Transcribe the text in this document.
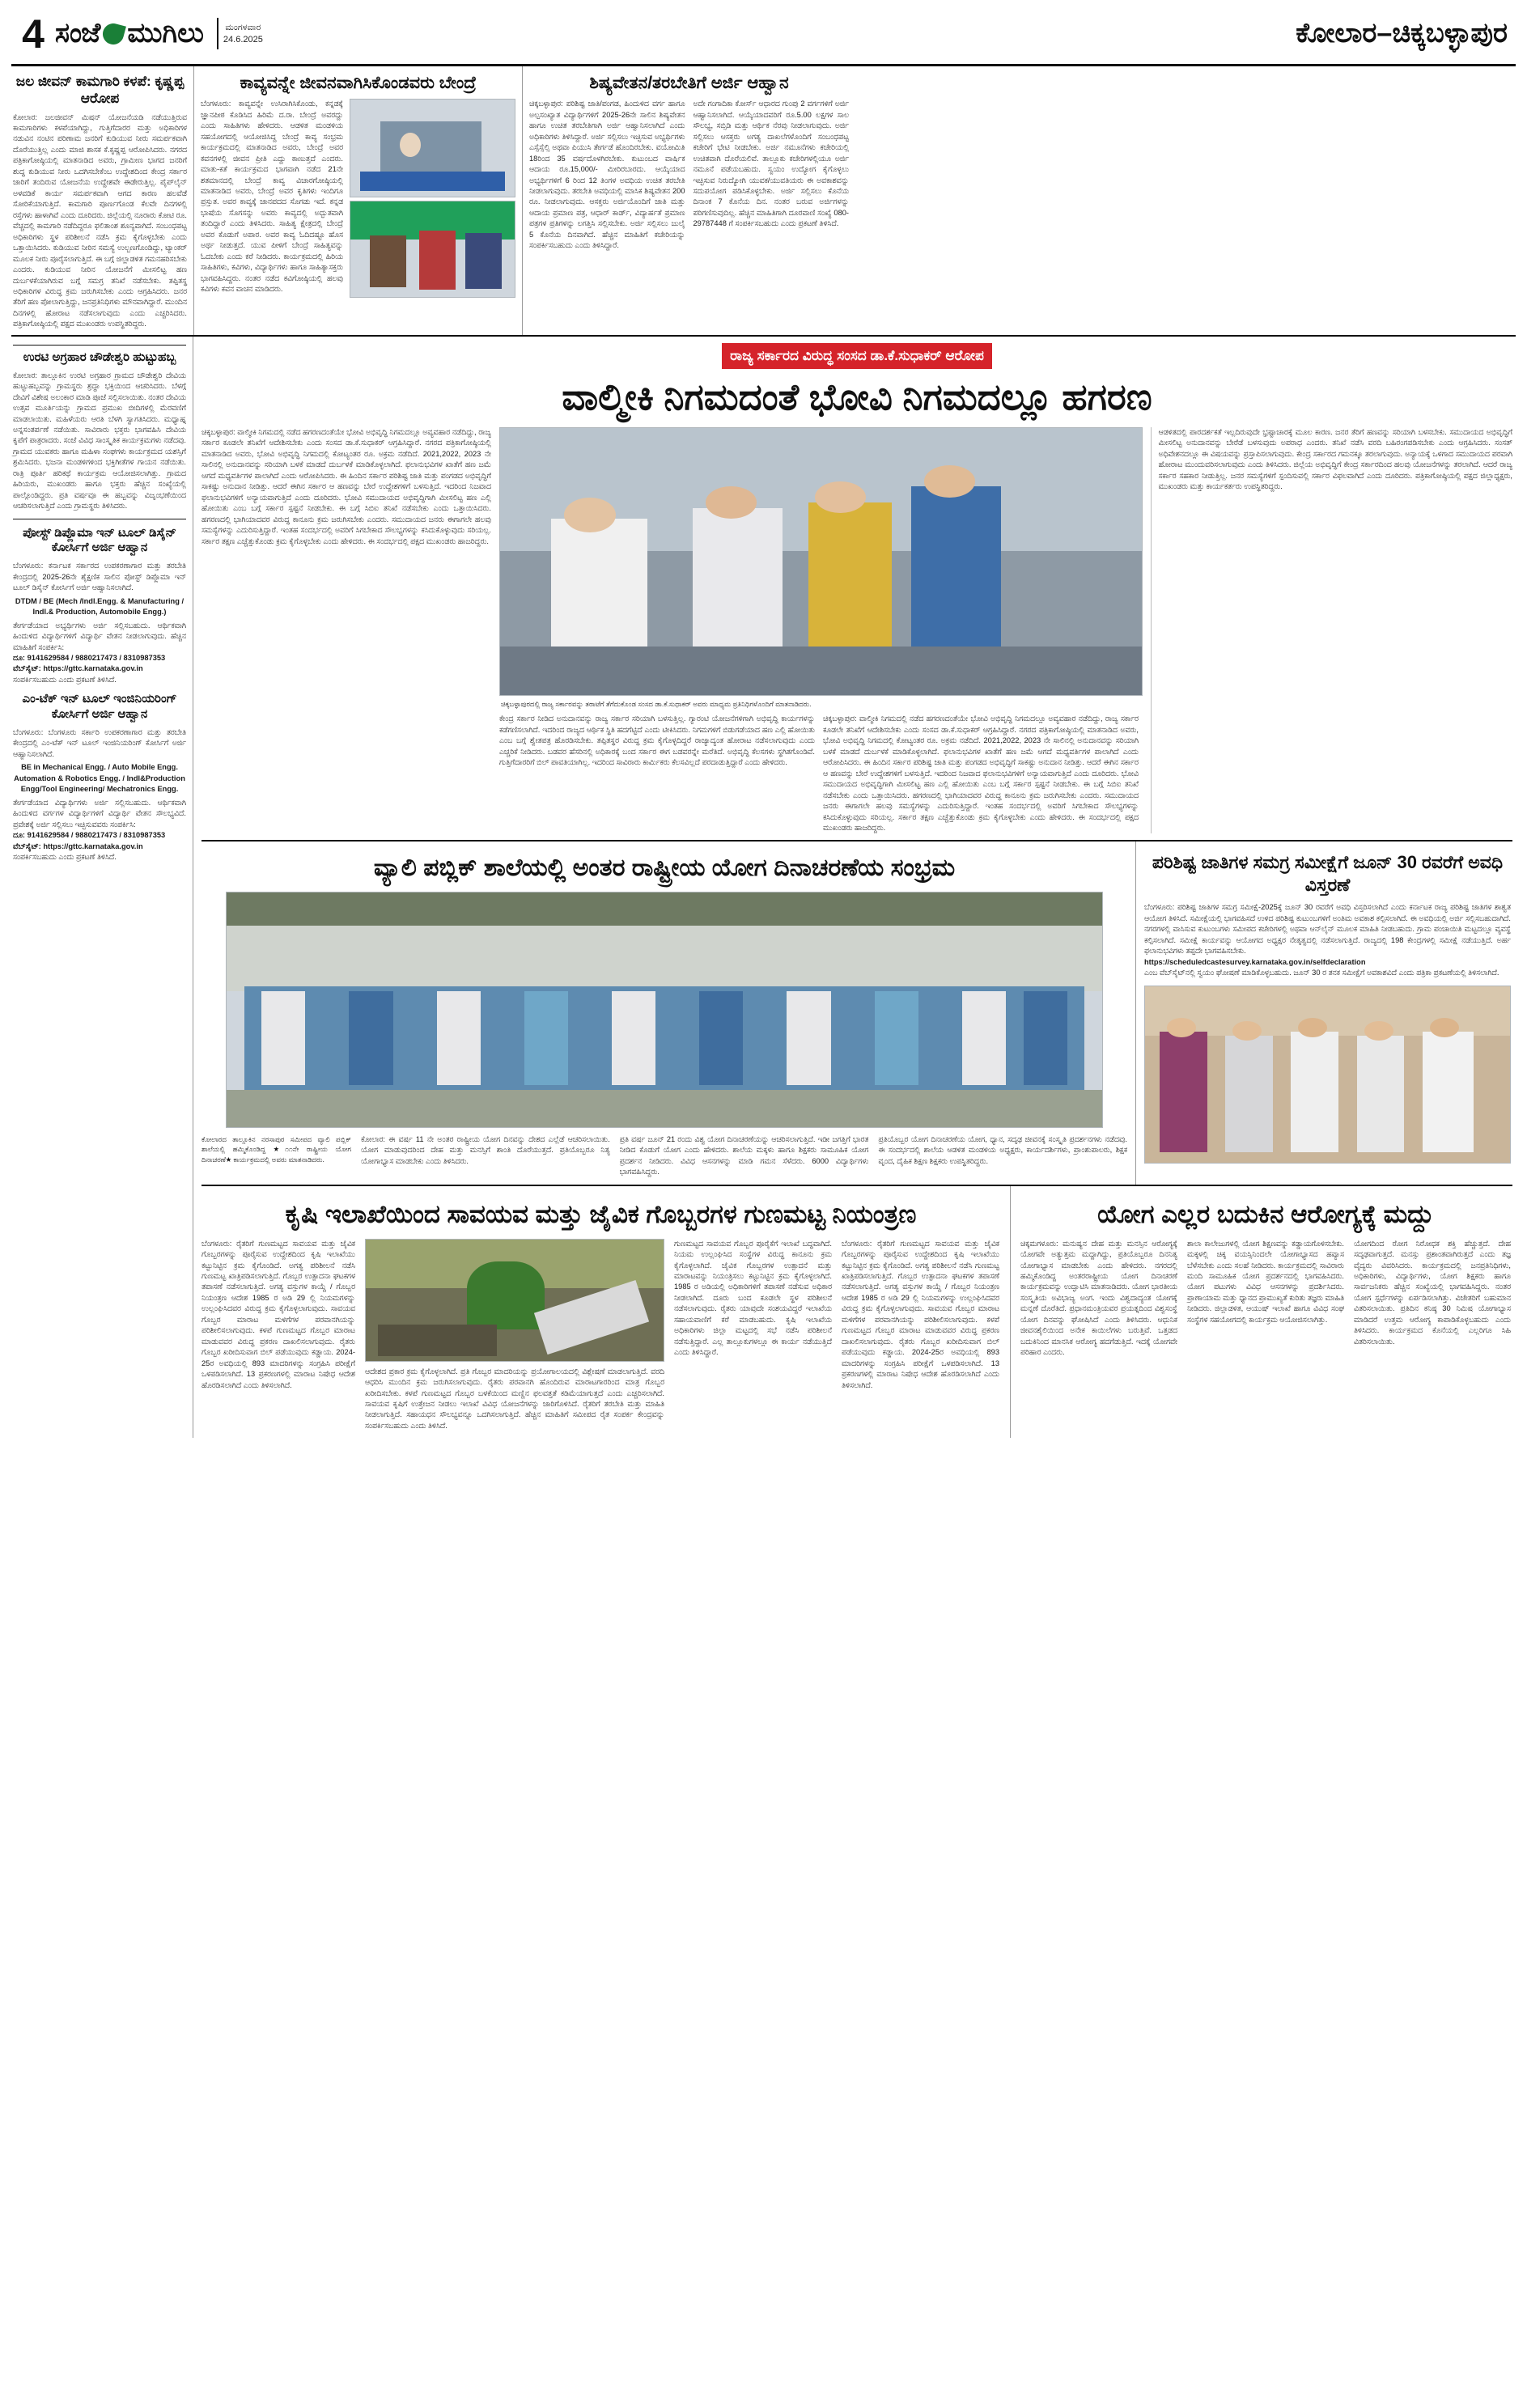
4 ಸಂಜೆ ಮುಗಿಲು ಮಂಗಳವಾರ
24.6.2025	ಕೋಲಾರ–ಚಿಕ್ಕಬಳ್ಳಾಪುರ
ಜಲ ಜೀವನ್ ಕಾಮಗಾರಿ ಕಳಪೆ: ಕೃಷ್ಣಪ್ಪ ಆರೋಪ
ಕೋಲಾರ: ಜಲಜೀವನ್ ಮಿಷನ್ ಯೋಜನೆಯಡಿ ನಡೆಯುತ್ತಿರುವ ಕಾಮಗಾರಿಗಳು ಕಳಪೆಯಾಗಿದ್ದು, ಗುತ್ತಿಗೆದಾರರ ಮತ್ತು ಅಧಿಕಾರಿಗಳ ನಡುವಿನ ನಂಟಿನ ಪರಿಣಾಮ ಜನರಿಗೆ ಕುಡಿಯುವ ನೀರು ಸಮರ್ಪಕವಾಗಿ ದೊರೆಯುತ್ತಿಲ್ಲ ಎಂದು ಮಾಜಿ ಶಾಸಕ ಕೆ.ಕೃಷ್ಣಪ್ಪ ಆರೋಪಿಸಿದರು. ನಗರದ ಪತ್ರಿಕಾಗೋಷ್ಠಿಯಲ್ಲಿ ಮಾತನಾಡಿದ ಅವರು, ಗ್ರಾಮೀಣ ಭಾಗದ ಜನರಿಗೆ ಶುದ್ಧ ಕುಡಿಯುವ ನೀರು ಒದಗಿಸಬೇಕೆಂಬ ಉದ್ದೇಶದಿಂದ ಕೇಂದ್ರ ಸರ್ಕಾರ ಜಾರಿಗೆ ತಂದಿರುವ ಯೋಜನೆಯ ಉದ್ದೇಶವೇ ಈಡೇರುತ್ತಿಲ್ಲ. ಪೈಪ್‌ಲೈನ್ ಅಳವಡಿಕೆ ಕಾರ್ಯ ಸಮರ್ಪಕವಾಗಿ ಆಗದ ಕಾರಣ ಹಲವೆಡೆ ಸೋರಿಕೆಯಾಗುತ್ತಿದೆ. ಕಾಮಗಾರಿ ಪೂರ್ಣಗೊಂಡ ಕೆಲವೇ ದಿನಗಳಲ್ಲಿ ರಸ್ತೆಗಳು ಹಾಳಾಗಿವೆ ಎಂದು ದೂರಿದರು. ಜಿಲ್ಲೆಯಲ್ಲಿ ನೂರಾರು ಕೋಟಿ ರೂ. ವೆಚ್ಚದಲ್ಲಿ ಕಾಮಗಾರಿ ನಡೆದಿದ್ದರೂ ಫಲಿತಾಂಶ ಶೂನ್ಯವಾಗಿದೆ. ಸಂಬಂಧಪಟ್ಟ ಅಧಿಕಾರಿಗಳು ಸ್ಥಳ ಪರಿಶೀಲನೆ ನಡೆಸಿ ಕ್ರಮ ಕೈಗೊಳ್ಳಬೇಕು ಎಂದು ಒತ್ತಾಯಿಸಿದರು. ಕುಡಿಯುವ ನೀರಿನ ಸಮಸ್ಯೆ ಉಲ್ಬಣಗೊಂಡಿದ್ದು, ಟ್ಯಾಂಕರ್ ಮೂಲಕ ನೀರು ಪೂರೈಸಲಾಗುತ್ತಿದೆ. ಈ ಬಗ್ಗೆ ಜಿಲ್ಲಾಡಳಿತ ಗಮನಹರಿಸಬೇಕು ಎಂದರು. ಕುಡಿಯುವ ನೀರಿನ ಯೋಜನೆಗೆ ಮೀಸಲಿಟ್ಟ ಹಣ ದುರ್ಬಳಕೆಯಾಗಿರುವ ಬಗ್ಗೆ ಸಮಗ್ರ ತನಿಖೆ ನಡೆಸಬೇಕು. ತಪ್ಪಿತಸ್ಥ ಅಧಿಕಾರಿಗಳ ವಿರುದ್ಧ ಕ್ರಮ ಜರುಗಿಸಬೇಕು ಎಂದು ಆಗ್ರಹಿಸಿದರು. ಜನರ ತೆರಿಗೆ ಹಣ ಪೋಲಾಗುತ್ತಿದ್ದು, ಜನಪ್ರತಿನಿಧಿಗಳು ಮೌನವಾಗಿದ್ದಾರೆ. ಮುಂದಿನ ದಿನಗಳಲ್ಲಿ ಹೋರಾಟ ನಡೆಸಲಾಗುವುದು ಎಂದು ಎಚ್ಚರಿಸಿದರು. ಪತ್ರಿಕಾಗೋಷ್ಠಿಯಲ್ಲಿ ಪಕ್ಷದ ಮುಖಂಡರು ಉಪಸ್ಥಿತರಿದ್ದರು.
ಕಾವ್ಯವನ್ನೇ ಜೀವನವಾಗಿಸಿಕೊಂಡವರು ಬೇಂದ್ರೆ
ಬೆಂಗಳೂರು: ಕಾವ್ಯವನ್ನೇ ಉಸಿರಾಗಿಸಿಕೊಂಡು, ಕನ್ನಡಕ್ಕೆ ಜ್ಞಾನಪೀಠ ಕೊಡಿಸಿದ ಹಿರಿಮೆ ದ.ರಾ. ಬೇಂದ್ರೆ ಅವರದ್ದು ಎಂದು ಸಾಹಿತಿಗಳು ಹೇಳಿದರು. ಆಡಳಿತ ಮಂಡಳಿಯ ಸಹಯೋಗದಲ್ಲಿ ಆಯೋಜಿಸಿದ್ದ ಬೇಂದ್ರೆ ಕಾವ್ಯ ಸಂಭ್ರಮ ಕಾರ್ಯಕ್ರಮದಲ್ಲಿ ಮಾತನಾಡಿದ ಅವರು, ಬೇಂದ್ರೆ ಅವರ ಕವನಗಳಲ್ಲಿ ಜೀವನ ಪ್ರೀತಿ ಎದ್ದು ಕಾಣುತ್ತದೆ ಎಂದರು. ಮಾತು-ಕತೆ ಕಾರ್ಯಕ್ರಮದ ಭಾಗವಾಗಿ ನಡೆದ 21ನೇ ಶತಮಾನದಲ್ಲಿ ಬೇಂದ್ರೆ ಕಾವ್ಯ ವಿಚಾರಗೋಷ್ಠಿಯಲ್ಲಿ ಮಾತನಾಡಿದ ಅವರು, ಬೇಂದ್ರೆ ಅವರ ಕೃತಿಗಳು ಇಂದಿಗೂ ಪ್ರಸ್ತುತ. ಅವರ ಕಾವ್ಯಕ್ಕೆ ಜಾನಪದದ ಸೊಗಡು ಇದೆ. ಕನ್ನಡ ಭಾಷೆಯ ಸೊಗಸನ್ನು ಅವರು ಕಾವ್ಯದಲ್ಲಿ ಅದ್ಭುತವಾಗಿ ತಂದಿದ್ದಾರೆ ಎಂದು ತಿಳಿಸಿದರು. ಸಾಹಿತ್ಯ ಕ್ಷೇತ್ರದಲ್ಲಿ ಬೇಂದ್ರೆ ಅವರ ಕೊಡುಗೆ ಅಪಾರ. ಅವರ ಕಾವ್ಯ ಓದಿದಷ್ಟೂ ಹೊಸ ಅರ್ಥ ನೀಡುತ್ತದೆ. ಯುವ ಪೀಳಿಗೆ ಬೇಂದ್ರೆ ಸಾಹಿತ್ಯವನ್ನು ಓದಬೇಕು ಎಂದು ಕರೆ ನೀಡಿದರು. ಕಾರ್ಯಕ್ರಮದಲ್ಲಿ ಹಿರಿಯ ಸಾಹಿತಿಗಳು, ಕವಿಗಳು, ವಿದ್ಯಾರ್ಥಿಗಳು ಹಾಗೂ ಸಾಹಿತ್ಯಾಸಕ್ತರು ಭಾಗವಹಿಸಿದ್ದರು. ನಂತರ ನಡೆದ ಕವಿಗೋಷ್ಠಿಯಲ್ಲಿ ಹಲವು ಕವಿಗಳು ಕವನ ವಾಚನ ಮಾಡಿದರು.
ಶಿಷ್ಯವೇತನ/ತರಬೇತಿಗೆ ಅರ್ಜಿ ಆಹ್ವಾನ
ಚಿಕ್ಕಬಳ್ಳಾಪುರ: ಪರಿಶಿಷ್ಟ ಜಾತಿ/ಪಂಗಡ, ಹಿಂದುಳಿದ ವರ್ಗ ಹಾಗೂ ಅಲ್ಪಸಂಖ್ಯಾತ ವಿದ್ಯಾರ್ಥಿಗಳಿಗೆ 2025-26ನೇ ಸಾಲಿನ ಶಿಷ್ಯವೇತನ ಹಾಗೂ ಉಚಿತ ತರಬೇತಿಗಾಗಿ ಅರ್ಜಿ ಆಹ್ವಾನಿಸಲಾಗಿದೆ ಎಂದು ಅಧಿಕಾರಿಗಳು ತಿಳಿಸಿದ್ದಾರೆ. ಅರ್ಜಿ ಸಲ್ಲಿಸಲು ಇಚ್ಛಿಸುವ ಅಭ್ಯರ್ಥಿಗಳು ಎಸ್ಸೆಸ್ಸೆಲ್ಸಿ ಅಥವಾ ಪಿಯುಸಿ ತೇರ್ಗಡೆ ಹೊಂದಿರಬೇಕು. ವಯೋಮಿತಿ 18ರಿಂದ 35 ವರ್ಷದೊಳಗಿರಬೇಕು. ಕುಟುಂಬದ ವಾರ್ಷಿಕ ಆದಾಯ ರೂ.15,000/- ಮೀರಿರಬಾರದು. ಆಯ್ಕೆಯಾದ ಅಭ್ಯರ್ಥಿಗಳಿಗೆ 6 ರಿಂದ 12 ತಿಂಗಳ ಅವಧಿಯ ಉಚಿತ ತರಬೇತಿ ನೀಡಲಾಗುವುದು. ತರಬೇತಿ ಅವಧಿಯಲ್ಲಿ ಮಾಸಿಕ ಶಿಷ್ಯವೇತನ 200 ರೂ. ನೀಡಲಾಗುವುದು. ಆಸಕ್ತರು ಅರ್ಜಿಯೊಂದಿಗೆ ಜಾತಿ ಮತ್ತು ಆದಾಯ ಪ್ರಮಾಣ ಪತ್ರ, ಆಧಾರ್ ಕಾರ್ಡ್, ವಿದ್ಯಾರ್ಹತೆ ಪ್ರಮಾಣ ಪತ್ರಗಳ ಪ್ರತಿಗಳನ್ನು ಲಗತ್ತಿಸಿ ಸಲ್ಲಿಸಬೇಕು. ಅರ್ಜಿ ಸಲ್ಲಿಸಲು ಜುಲೈ 5 ಕೊನೆಯ ದಿನವಾಗಿದೆ. ಹೆಚ್ಚಿನ ಮಾಹಿತಿಗೆ ಕಚೇರಿಯನ್ನು ಸಂಪರ್ಕಿಸಬಹುದು ಎಂದು ತಿಳಿಸಿದ್ದಾರೆ.
ಅದೇ ಗಂಗಾದಿಕಾ ಕೋರ್ಸ್ ಆಧಾರದ ಗುಂಪು 2 ವರ್ಗಗಳಿಗೆ ಅರ್ಜಿ ಆಹ್ವಾನಿಸಲಾಗಿದೆ. ಆಯ್ಕೆಯಾದವರಿಗೆ ರೂ.5.00 ಲಕ್ಷಗಳ ಸಾಲ ಸೌಲಭ್ಯ, ಸಬ್ಸಿಡಿ ಮತ್ತು ಆರ್ಥಿಕ ನೆರವು ನೀಡಲಾಗುವುದು. ಅರ್ಜಿ ಸಲ್ಲಿಸಲು ಆಸಕ್ತರು ಅಗತ್ಯ ದಾಖಲೆಗಳೊಂದಿಗೆ ಸಂಬಂಧಪಟ್ಟ ಕಚೇರಿಗೆ ಭೇಟಿ ನೀಡಬೇಕು. ಅರ್ಜಿ ನಮೂನೆಗಳು ಕಚೇರಿಯಲ್ಲಿ ಉಚಿತವಾಗಿ ದೊರೆಯಲಿವೆ. ತಾಲ್ಲೂಕು ಕಚೇರಿಗಳಲ್ಲಿಯೂ ಅರ್ಜಿ ನಮೂನೆ ಪಡೆಯಬಹುದು. ಸ್ವಯಂ ಉದ್ಯೋಗ ಕೈಗೊಳ್ಳಲು ಇಚ್ಛಿಸುವ ನಿರುದ್ಯೋಗಿ ಯುವಕ/ಯುವತಿಯರು ಈ ಅವಕಾಶವನ್ನು ಸದುಪಯೋಗ ಪಡಿಸಿಕೊಳ್ಳಬೇಕು. ಅರ್ಜಿ ಸಲ್ಲಿಸಲು ಕೊನೆಯ ದಿನಾಂಕ 7 ಕೊನೆಯ ದಿನ. ನಂತರ ಬರುವ ಅರ್ಜಿಗಳನ್ನು ಪರಿಗಣಿಸುವುದಿಲ್ಲ. ಹೆಚ್ಚಿನ ಮಾಹಿತಿಗಾಗಿ ದೂರವಾಣಿ ಸಂಖ್ಯೆ 080-29787448 ಗೆ ಸಂಪರ್ಕಿಸಬಹುದು ಎಂದು ಪ್ರಕಟಣೆ ತಿಳಿಸಿದೆ.
ಉರಟಿ ಅಗ್ರಹಾರ ಚೌಡೇಶ್ವರಿ ಹುಟ್ಟುಹಬ್ಬ
ಕೋಲಾರ: ತಾಲ್ಲೂಕಿನ ಉರಟಿ ಅಗ್ರಹಾರ ಗ್ರಾಮದ ಚೌಡೇಶ್ವರಿ ದೇವಿಯ ಹುಟ್ಟುಹಬ್ಬವನ್ನು ಗ್ರಾಮಸ್ಥರು ಶ್ರದ್ಧಾ ಭಕ್ತಿಯಿಂದ ಆಚರಿಸಿದರು. ಬೆಳಗ್ಗೆ ದೇವಿಗೆ ವಿಶೇಷ ಅಲಂಕಾರ ಮಾಡಿ ಪೂಜೆ ಸಲ್ಲಿಸಲಾಯಿತು. ನಂತರ ದೇವಿಯ ಉತ್ಸವ ಮೂರ್ತಿಯನ್ನು ಗ್ರಾಮದ ಪ್ರಮುಖ ಬೀದಿಗಳಲ್ಲಿ ಮೆರವಣಿಗೆ ಮಾಡಲಾಯಿತು. ಮಹಿಳೆಯರು ಆರತಿ ಬೆಳಗಿ ಸ್ವಾಗತಿಸಿದರು. ಮಧ್ಯಾಹ್ನ ಅನ್ನಸಂತರ್ಪಣೆ ನಡೆಯಿತು. ಸಾವಿರಾರು ಭಕ್ತರು ಭಾಗವಹಿಸಿ ದೇವಿಯ ಕೃಪೆಗೆ ಪಾತ್ರರಾದರು. ಸಂಜೆ ವಿವಿಧ ಸಾಂಸ್ಕೃತಿಕ ಕಾರ್ಯಕ್ರಮಗಳು ನಡೆದವು. ಗ್ರಾಮದ ಯುವಕರು ಹಾಗೂ ಮಹಿಳಾ ಸಂಘಗಳು ಕಾರ್ಯಕ್ರಮದ ಯಶಸ್ಸಿಗೆ ಶ್ರಮಿಸಿದರು. ಭಜನಾ ಮಂಡಳಿಗಳಿಂದ ಭಕ್ತಿಗೀತೆಗಳ ಗಾಯನ ನಡೆಯಿತು. ರಾತ್ರಿ ಪೂರ್ತಿ ಹರಿಕಥೆ ಕಾರ್ಯಕ್ರಮ ಆಯೋಜಿಸಲಾಗಿತ್ತು. ಗ್ರಾಮದ ಹಿರಿಯರು, ಮುಖಂಡರು ಹಾಗೂ ಭಕ್ತರು ಹೆಚ್ಚಿನ ಸಂಖ್ಯೆಯಲ್ಲಿ ಪಾಲ್ಗೊಂಡಿದ್ದರು. ಪ್ರತಿ ವರ್ಷವೂ ಈ ಹಬ್ಬವನ್ನು ವಿಜೃಂಭಣೆಯಿಂದ ಆಚರಿಸಲಾಗುತ್ತಿದೆ ಎಂದು ಗ್ರಾಮಸ್ಥರು ತಿಳಿಸಿದರು.
ಪೋಸ್ಟ್ ಡಿಪ್ಲೊಮಾ ಇನ್ ಟೂಲ್ ಡಿಸೈನ್ ಕೋರ್ಸಿಗೆ ಅರ್ಜಿ ಆಹ್ವಾನ
ಬೆಂಗಳೂರು: ಕರ್ನಾಟಕ ಸರ್ಕಾರದ ಉಪಕರಣಾಗಾರ ಮತ್ತು ತರಬೇತಿ ಕೇಂದ್ರದಲ್ಲಿ 2025-26ನೇ ಶೈಕ್ಷಣಿಕ ಸಾಲಿನ ಪೋಸ್ಟ್ ಡಿಪ್ಲೊಮಾ ಇನ್ ಟೂಲ್ ಡಿಸೈನ್ ಕೋರ್ಸಿಗೆ ಅರ್ಜಿ ಆಹ್ವಾನಿಸಲಾಗಿದೆ.
DTDM / BE (Mech /Indl.Engg. & Manufacturing / Indl.& Production, Automobile Engg.)
ತೇರ್ಗಡೆಯಾದ ಅಭ್ಯರ್ಥಿಗಳು ಅರ್ಜಿ ಸಲ್ಲಿಸಬಹುದು. ಆರ್ಥಿಕವಾಗಿ ಹಿಂದುಳಿದ ವಿದ್ಯಾರ್ಥಿಗಳಿಗೆ ವಿದ್ಯಾರ್ಥಿ ವೇತನ ನೀಡಲಾಗುವುದು. ಹೆಚ್ಚಿನ ಮಾಹಿತಿಗೆ ಸಂಪರ್ಕಿಸಿ:
ದೂ: 9141629584 / 9880217473 / 8310987353
ವೆಬ್‌ಸೈಟ್: https://gttc.karnataka.gov.in‍
ಸಂಪರ್ಕಿಸಬಹುದು ಎಂದು ಪ್ರಕಟಣೆ ತಿಳಿಸಿದೆ.
ಎಂ-ಟೆಕ್ ಇನ್ ಟೂಲ್ ಇಂಜಿನಿಯರಿಂಗ್ ಕೋರ್ಸಿಗೆ ಅರ್ಜಿ ಆಹ್ವಾನ
ಬೆಂಗಳೂರು: ಬೆಂಗಳೂರು ಸರ್ಕಾರಿ ಉಪಕರಣಾಗಾರ ಮತ್ತು ತರಬೇತಿ ಕೇಂದ್ರದಲ್ಲಿ ಎಂ-ಟೆಕ್ ಇನ್ ಟೂಲ್ ಇಂಜಿನಿಯರಿಂಗ್ ಕೋರ್ಸಿಗೆ ಅರ್ಜಿ ಆಹ್ವಾನಿಸಲಾಗಿದೆ.
BE in Mechanical Engg. / Auto Mobile Engg. Automation & Robotics Engg. / Indl&Production Engg/Tool Engineering/ Mechatronics Engg.
ತೇರ್ಗಡೆಯಾದ ವಿದ್ಯಾರ್ಥಿಗಳು ಅರ್ಜಿ ಸಲ್ಲಿಸಬಹುದು. ಆರ್ಥಿಕವಾಗಿ ಹಿಂದುಳಿದ ವರ್ಗಗಳ ವಿದ್ಯಾರ್ಥಿಗಳಿಗೆ ವಿದ್ಯಾರ್ಥಿ ವೇತನ ಸೌಲಭ್ಯವಿದೆ. ಪ್ರವೇಶಕ್ಕೆ ಅರ್ಜಿ ಸಲ್ಲಿಸಲು ಇಚ್ಛಿಸುವವರು ಸಂಪರ್ಕಿಸಿ:
ದೂ: 9141629584 / 9880217473 / 8310987353
ವೆಬ್‌ಸೈಟ್: https://gttc.karnataka.gov.in
ಸಂಪರ್ಕಿಸಬಹುದು ಎಂದು ಪ್ರಕಟಣೆ ತಿಳಿಸಿದೆ.
ರಾಜ್ಯ ಸರ್ಕಾರದ ವಿರುದ್ಧ ಸಂಸದ ಡಾ.ಕೆ.ಸುಧಾಕರ್ ಆರೋಪ
ವಾಲ್ಮೀಕಿ ನಿಗಮದಂತೆ ಭೋವಿ ನಿಗಮದಲ್ಲೂ ಹಗರಣ
ಚಿಕ್ಕಬಳ್ಳಾಪುರ: ವಾಲ್ಮೀಕಿ ನಿಗಮದಲ್ಲಿ ನಡೆದ ಹಗರಣದಂತೆಯೇ ಭೋವಿ ಅಭಿವೃದ್ಧಿ ನಿಗಮದಲ್ಲೂ ಅವ್ಯವಹಾರ ನಡೆದಿದ್ದು, ರಾಜ್ಯ ಸರ್ಕಾರ ಕೂಡಲೇ ತನಿಖೆಗೆ ಆದೇಶಿಸಬೇಕು ಎಂದು ಸಂಸದ ಡಾ.ಕೆ.ಸುಧಾಕರ್ ಆಗ್ರಹಿಸಿದ್ದಾರೆ. ನಗರದ ಪತ್ರಿಕಾಗೋಷ್ಠಿಯಲ್ಲಿ ಮಾತನಾಡಿದ ಅವರು, ಭೋವಿ ಅಭಿವೃದ್ಧಿ ನಿಗಮದಲ್ಲಿ ಕೋಟ್ಯಂತರ ರೂ. ಅಕ್ರಮ ನಡೆದಿದೆ. 2021,2022, 2023 ನೇ ಸಾಲಿನಲ್ಲಿ ಅನುದಾನವನ್ನು ಸರಿಯಾಗಿ ಬಳಕೆ ಮಾಡದೆ ದುರ್ಬಳಕೆ ಮಾಡಿಕೊಳ್ಳಲಾಗಿದೆ. ಫಲಾನುಭವಿಗಳ ಖಾತೆಗೆ ಹಣ ಜಮೆ ಆಗದೆ ಮಧ್ಯವರ್ತಿಗಳ ಪಾಲಾಗಿದೆ ಎಂದು ಆರೋಪಿಸಿದರು. ಈ ಹಿಂದಿನ ಸರ್ಕಾರ ಪರಿಶಿಷ್ಟ ಜಾತಿ ಮತ್ತು ಪಂಗಡದ ಅಭಿವೃದ್ಧಿಗೆ ಸಾಕಷ್ಟು ಅನುದಾನ ನೀಡಿತ್ತು. ಆದರೆ ಈಗಿನ ಸರ್ಕಾರ ಆ ಹಣವನ್ನು ಬೇರೆ ಉದ್ದೇಶಗಳಿಗೆ ಬಳಸುತ್ತಿದೆ. ಇದರಿಂದ ನಿಜವಾದ ಫಲಾನುಭವಿಗಳಿಗೆ ಅನ್ಯಾಯವಾಗುತ್ತಿದೆ ಎಂದು ದೂರಿದರು. ಭೋವಿ ಸಮುದಾಯದ ಅಭಿವೃದ್ಧಿಗಾಗಿ ಮೀಸಲಿಟ್ಟ ಹಣ ಎಲ್ಲಿ ಹೋಯಿತು ಎಂಬ ಬಗ್ಗೆ ಸರ್ಕಾರ ಸ್ಪಷ್ಟನೆ ನೀಡಬೇಕು. ಈ ಬಗ್ಗೆ ಸಿಬಿಐ ತನಿಖೆ ನಡೆಸಬೇಕು ಎಂದು ಒತ್ತಾಯಿಸಿದರು. ಹಗರಣದಲ್ಲಿ ಭಾಗಿಯಾದವರ ವಿರುದ್ಧ ಕಾನೂನು ಕ್ರಮ ಜರುಗಿಸಬೇಕು ಎಂದರು. ಸಮುದಾಯದ ಜನರು ಈಗಾಗಲೇ ಹಲವು ಸಮಸ್ಯೆಗಳನ್ನು ಎದುರಿಸುತ್ತಿದ್ದಾರೆ. ಇಂತಹ ಸಂದರ್ಭದಲ್ಲಿ ಅವರಿಗೆ ಸಿಗಬೇಕಾದ ಸೌಲಭ್ಯಗಳನ್ನು ಕಸಿದುಕೊಳ್ಳುವುದು ಸರಿಯಲ್ಲ. ಸರ್ಕಾರ ತಕ್ಷಣ ಎಚ್ಚೆತ್ತುಕೊಂಡು ಕ್ರಮ ಕೈಗೊಳ್ಳಬೇಕು ಎಂದು ಹೇಳಿದರು. ಈ ಸಂದರ್ಭದಲ್ಲಿ ಪಕ್ಷದ ಮುಖಂಡರು ಹಾಜರಿದ್ದರು.
ಚಿಕ್ಕಬಳ್ಳಾಪುರದಲ್ಲಿ ರಾಜ್ಯ ಸರ್ಕಾರವನ್ನು ತರಾಟೆಗೆ ತೆಗೆದುಕೊಂಡ ಸಂಸದ ಡಾ.ಕೆ.ಸುಧಾಕರ್ ಅವರು ಮಾಧ್ಯಮ ಪ್ರತಿನಿಧಿಗಳೊಂದಿಗೆ ಮಾತನಾಡಿದರು.
ಕೇಂದ್ರ ಸರ್ಕಾರ ನೀಡಿದ ಅನುದಾನವನ್ನು ರಾಜ್ಯ ಸರ್ಕಾರ ಸರಿಯಾಗಿ ಬಳಸುತ್ತಿಲ್ಲ. ಗ್ಯಾರಂಟಿ ಯೋಜನೆಗಳಿಗಾಗಿ ಅಭಿವೃದ್ಧಿ ಕಾರ್ಯಗಳನ್ನು ಕಡೆಗಣಿಸಲಾಗಿದೆ. ಇದರಿಂದ ರಾಜ್ಯದ ಆರ್ಥಿಕ ಸ್ಥಿತಿ ಹದಗೆಟ್ಟಿದೆ ಎಂದು ಟೀಕಿಸಿದರು. ನಿಗಮಗಳಿಗೆ ಬಿಡುಗಡೆಯಾದ ಹಣ ಎಲ್ಲಿ ಹೋಯಿತು ಎಂಬ ಬಗ್ಗೆ ಶ್ವೇತಪತ್ರ ಹೊರಡಿಸಬೇಕು. ತಪ್ಪಿತಸ್ಥರ ವಿರುದ್ಧ ಕ್ರಮ ಕೈಗೊಳ್ಳದಿದ್ದರೆ ರಾಜ್ಯಾದ್ಯಂತ ಹೋರಾಟ ನಡೆಸಲಾಗುವುದು ಎಂದು ಎಚ್ಚರಿಕೆ ನೀಡಿದರು. ಬಡವರ ಹೆಸರಿನಲ್ಲಿ ಅಧಿಕಾರಕ್ಕೆ ಬಂದ ಸರ್ಕಾರ ಈಗ ಬಡವರನ್ನೇ ಮರೆತಿದೆ. ಅಭಿವೃದ್ಧಿ ಕೆಲಸಗಳು ಸ್ಥಗಿತಗೊಂಡಿವೆ. ಗುತ್ತಿಗೆದಾರರಿಗೆ ಬಿಲ್ ಪಾವತಿಯಾಗಿಲ್ಲ. ಇದರಿಂದ ಸಾವಿರಾರು ಕಾರ್ಮಿಕರು ಕೆಲಸವಿಲ್ಲದೆ ಪರದಾಡುತ್ತಿದ್ದಾರೆ ಎಂದು ಹೇಳಿದರು.
ಚಿಕ್ಕಬಳ್ಳಾಪುರ: ವಾಲ್ಮೀಕಿ ನಿಗಮದಲ್ಲಿ ನಡೆದ ಹಗರಣದಂತೆಯೇ ಭೋವಿ ಅಭಿವೃದ್ಧಿ ನಿಗಮದಲ್ಲೂ ಅವ್ಯವಹಾರ ನಡೆದಿದ್ದು, ರಾಜ್ಯ ಸರ್ಕಾರ ಕೂಡಲೇ ತನಿಖೆಗೆ ಆದೇಶಿಸಬೇಕು ಎಂದು ಸಂಸದ ಡಾ.ಕೆ.ಸುಧಾಕರ್ ಆಗ್ರಹಿಸಿದ್ದಾರೆ. ನಗರದ ಪತ್ರಿಕಾಗೋಷ್ಠಿಯಲ್ಲಿ ಮಾತನಾಡಿದ ಅವರು, ಭೋವಿ ಅಭಿವೃದ್ಧಿ ನಿಗಮದಲ್ಲಿ ಕೋಟ್ಯಂತರ ರೂ. ಅಕ್ರಮ ನಡೆದಿದೆ. 2021,2022, 2023 ನೇ ಸಾಲಿನಲ್ಲಿ ಅನುದಾನವನ್ನು ಸರಿಯಾಗಿ ಬಳಕೆ ಮಾಡದೆ ದುರ್ಬಳಕೆ ಮಾಡಿಕೊಳ್ಳಲಾಗಿದೆ. ಫಲಾನುಭವಿಗಳ ಖಾತೆಗೆ ಹಣ ಜಮೆ ಆಗದೆ ಮಧ್ಯವರ್ತಿಗಳ ಪಾಲಾಗಿದೆ ಎಂದು ಆರೋಪಿಸಿದರು. ಈ ಹಿಂದಿನ ಸರ್ಕಾರ ಪರಿಶಿಷ್ಟ ಜಾತಿ ಮತ್ತು ಪಂಗಡದ ಅಭಿವೃದ್ಧಿಗೆ ಸಾಕಷ್ಟು ಅನುದಾನ ನೀಡಿತ್ತು. ಆದರೆ ಈಗಿನ ಸರ್ಕಾರ ಆ ಹಣವನ್ನು ಬೇರೆ ಉದ್ದೇಶಗಳಿಗೆ ಬಳಸುತ್ತಿದೆ. ಇದರಿಂದ ನಿಜವಾದ ಫಲಾನುಭವಿಗಳಿಗೆ ಅನ್ಯಾಯವಾಗುತ್ತಿದೆ ಎಂದು ದೂರಿದರು. ಭೋವಿ ಸಮುದಾಯದ ಅಭಿವೃದ್ಧಿಗಾಗಿ ಮೀಸಲಿಟ್ಟ ಹಣ ಎಲ್ಲಿ ಹೋಯಿತು ಎಂಬ ಬಗ್ಗೆ ಸರ್ಕಾರ ಸ್ಪಷ್ಟನೆ ನೀಡಬೇಕು. ಈ ಬಗ್ಗೆ ಸಿಬಿಐ ತನಿಖೆ ನಡೆಸಬೇಕು ಎಂದು ಒತ್ತಾಯಿಸಿದರು. ಹಗರಣದಲ್ಲಿ ಭಾಗಿಯಾದವರ ವಿರುದ್ಧ ಕಾನೂನು ಕ್ರಮ ಜರುಗಿಸಬೇಕು ಎಂದರು. ಸಮುದಾಯದ ಜನರು ಈಗಾಗಲೇ ಹಲವು ಸಮಸ್ಯೆಗಳನ್ನು ಎದುರಿಸುತ್ತಿದ್ದಾರೆ. ಇಂತಹ ಸಂದರ್ಭದಲ್ಲಿ ಅವರಿಗೆ ಸಿಗಬೇಕಾದ ಸೌಲಭ್ಯಗಳನ್ನು ಕಸಿದುಕೊಳ್ಳುವುದು ಸರಿಯಲ್ಲ. ಸರ್ಕಾರ ತಕ್ಷಣ ಎಚ್ಚೆತ್ತುಕೊಂಡು ಕ್ರಮ ಕೈಗೊಳ್ಳಬೇಕು ಎಂದು ಹೇಳಿದರು. ಈ ಸಂದರ್ಭದಲ್ಲಿ ಪಕ್ಷದ ಮುಖಂಡರು ಹಾಜರಿದ್ದರು.
ಆಡಳಿತದಲ್ಲಿ ಪಾರದರ್ಶಕತೆ ಇಲ್ಲದಿರುವುದೇ ಭ್ರಷ್ಟಾಚಾರಕ್ಕೆ ಮೂಲ ಕಾರಣ. ಜನರ ತೆರಿಗೆ ಹಣವನ್ನು ಸರಿಯಾಗಿ ಬಳಸಬೇಕು. ಸಮುದಾಯದ ಅಭಿವೃದ್ಧಿಗೆ ಮೀಸಲಿಟ್ಟ ಅನುದಾನವನ್ನು ಬೇರೆಡೆ ಬಳಸುವುದು ಅಪರಾಧ ಎಂದರು. ತನಿಖೆ ನಡೆಸಿ ವರದಿ ಬಹಿರಂಗಪಡಿಸಬೇಕು ಎಂದು ಆಗ್ರಹಿಸಿದರು. ಸಂಸತ್ ಅಧಿವೇಶನದಲ್ಲೂ ಈ ವಿಷಯವನ್ನು ಪ್ರಸ್ತಾಪಿಸಲಾಗುವುದು. ಕೇಂದ್ರ ಸರ್ಕಾರದ ಗಮನಕ್ಕೂ ತರಲಾಗುವುದು. ಅನ್ಯಾಯಕ್ಕೆ ಒಳಗಾದ ಸಮುದಾಯದ ಪರವಾಗಿ ಹೋರಾಟ ಮುಂದುವರಿಸಲಾಗುವುದು ಎಂದು ತಿಳಿಸಿದರು. ಜಿಲ್ಲೆಯ ಅಭಿವೃದ್ಧಿಗೆ ಕೇಂದ್ರ ಸರ್ಕಾರದಿಂದ ಹಲವು ಯೋಜನೆಗಳನ್ನು ತರಲಾಗಿದೆ. ಆದರೆ ರಾಜ್ಯ ಸರ್ಕಾರ ಸಹಕಾರ ನೀಡುತ್ತಿಲ್ಲ. ಜನರ ಸಮಸ್ಯೆಗಳಿಗೆ ಸ್ಪಂದಿಸುವಲ್ಲಿ ಸರ್ಕಾರ ವಿಫಲವಾಗಿದೆ ಎಂದು ದೂರಿದರು. ಪತ್ರಿಕಾಗೋಷ್ಠಿಯಲ್ಲಿ ಪಕ್ಷದ ಜಿಲ್ಲಾಧ್ಯಕ್ಷರು, ಮುಖಂಡರು ಮತ್ತು ಕಾರ್ಯಕರ್ತರು ಉಪಸ್ಥಿತರಿದ್ದರು.
ವ್ಯಾಲಿ ಪಬ್ಲಿಕ್ ಶಾಲೆಯಲ್ಲಿ ಅಂತರ ರಾಷ್ಟ್ರೀಯ ಯೋಗ ದಿನಾಚರಣೆಯ ಸಂಭ್ರಮ
ಕೋಲಾರದ ತಾಲ್ಲೂಕಿನ ನರಸಾಪುರ ಸಮೀಪದ ವ್ಯಾಲಿ ಪಬ್ಲಿಕ್ ಶಾಲೆಯಲ್ಲಿ ಹಮ್ಮಿಕೊಂಡಿದ್ದ ★೧೧ನೇ ರಾಷ್ಟ್ರೀಯ ಯೋಗ ದಿನಾಚರಣೆ★ ಕಾರ್ಯಕ್ರಮದಲ್ಲಿ ಅವರು ಮಾತನಾಡಿದರು.
ಕೋಲಾರ: ಈ ವರ್ಷ 11 ನೇ ಅಂತರ ರಾಷ್ಟ್ರೀಯ ಯೋಗ ದಿನವನ್ನು ದೇಶದ ಎಲ್ಲೆಡೆ ಆಚರಿಸಲಾಯಿತು. ಯೋಗ ಮಾಡುವುದರಿಂದ ದೇಹ ಮತ್ತು ಮನಸ್ಸಿಗೆ ಶಾಂತಿ ದೊರೆಯುತ್ತದೆ. ಪ್ರತಿಯೊಬ್ಬರೂ ನಿತ್ಯ ಯೋಗಾಭ್ಯಾಸ ಮಾಡಬೇಕು ಎಂದು ತಿಳಿಸಿದರು.
ಪ್ರತಿ ವರ್ಷ ಜೂನ್ 21 ರಂದು ವಿಶ್ವ ಯೋಗ ದಿನಾಚರಣೆಯನ್ನು ಆಚರಿಸಲಾಗುತ್ತಿದೆ. ಇಡೀ ಜಗತ್ತಿಗೆ ಭಾರತ ನೀಡಿದ ಕೊಡುಗೆ ಯೋಗ ಎಂದು ಹೇಳಿದರು. ಶಾಲೆಯ ಮಕ್ಕಳು ಹಾಗೂ ಶಿಕ್ಷಕರು ಸಾಮೂಹಿಕ ಯೋಗ ಪ್ರದರ್ಶನ ನೀಡಿದರು. ವಿವಿಧ ಆಸನಗಳನ್ನು ಮಾಡಿ ಗಮನ ಸೆಳೆದರು. 6000 ವಿದ್ಯಾರ್ಥಿಗಳು ಭಾಗವಹಿಸಿದ್ದರು.
ಪ್ರತಿಯೊಬ್ಬರ ಯೋಗ ದಿನಾಚರಣೆಯ ಯೋಗ, ಧ್ಯಾನ, ಸದೃಢ ಜೀವನಕ್ಕೆ ಸಂಸ್ಕೃತಿ ಪ್ರದರ್ಶನಗಳು ನಡೆದವು. ಈ ಸಂದರ್ಭದಲ್ಲಿ ಶಾಲೆಯ ಆಡಳಿತ ಮಂಡಳಿಯ ಅಧ್ಯಕ್ಷರು, ಕಾರ್ಯದರ್ಶಿಗಳು, ಪ್ರಾಂಶುಪಾಲರು, ಶಿಕ್ಷಕ ವೃಂದ, ದೈಹಿಕ ಶಿಕ್ಷಣ ಶಿಕ್ಷಕರು ಉಪಸ್ಥಿತರಿದ್ದರು.
ಪರಿಶಿಷ್ಟ ಜಾತಿಗಳ ಸಮಗ್ರ ಸಮೀಕ್ಷೆಗೆ ಜೂನ್ 30 ರವರೆಗೆ ಅವಧಿ ವಿಸ್ತರಣೆ
ಬೆಂಗಳೂರು: ಪರಿಶಿಷ್ಟ ಜಾತಿಗಳ ಸಮಗ್ರ ಸಮೀಕ್ಷೆ-2025ಕ್ಕೆ ಜೂನ್ 30 ರವರೆಗೆ ಅವಧಿ ವಿಸ್ತರಿಸಲಾಗಿದೆ ಎಂದು ಕರ್ನಾಟಕ ರಾಜ್ಯ ಪರಿಶಿಷ್ಟ ಜಾತಿಗಳ ಶಾಶ್ವತ ಆಯೋಗ ತಿಳಿಸಿದೆ. ಸಮೀಕ್ಷೆಯಲ್ಲಿ ಭಾಗವಹಿಸದೆ ಉಳಿದ ಪರಿಶಿಷ್ಟ ಕುಟುಂಬಗಳಿಗೆ ಅಂತಿಮ ಅವಕಾಶ ಕಲ್ಪಿಸಲಾಗಿದೆ. ಈ ಅವಧಿಯಲ್ಲಿ ಅರ್ಜಿ ಸಲ್ಲಿಸಬಹುದಾಗಿದೆ. ನಗರಗಳಲ್ಲಿ ವಾಸಿಸುವ ಕುಟುಂಬಗಳು ಸಮೀಪದ ಕಚೇರಿಗಳಲ್ಲಿ ಅಥವಾ ಆನ್‌ಲೈನ್ ಮೂಲಕ ಮಾಹಿತಿ ನೀಡಬಹುದು. ಗ್ರಾಮ ಪಂಚಾಯಿತಿ ಮಟ್ಟದಲ್ಲೂ ವ್ಯವಸ್ಥೆ ಕಲ್ಪಿಸಲಾಗಿದೆ. ಸಮೀಕ್ಷೆ ಕಾರ್ಯವನ್ನು ಆಯೋಗದ ಅಧ್ಯಕ್ಷರ ನೇತೃತ್ವದಲ್ಲಿ ನಡೆಸಲಾಗುತ್ತಿದೆ. ರಾಜ್ಯದಲ್ಲಿ 198 ಕೇಂದ್ರಗಳಲ್ಲಿ ಸಮೀಕ್ಷೆ ನಡೆಯುತ್ತಿದೆ. ಅರ್ಹ ಫಲಾನುಭವಿಗಳು ತಪ್ಪದೇ ಭಾಗವಹಿಸಬೇಕು.
https://scheduledcastesurvey.karnataka.gov.in/selfdeclaration
ಎಂಬ ವೆಬ್‌ಸೈಟ್‌ನಲ್ಲಿ ಸ್ವಯಂ ಘೋಷಣೆ ಮಾಡಿಕೊಳ್ಳಬಹುದು. ಜೂನ್ 30 ರ ತನಕ ಸಮೀಕ್ಷೆಗೆ ಅವಕಾಶವಿದೆ ಎಂದು ಪತ್ರಿಕಾ ಪ್ರಕಟಣೆಯಲ್ಲಿ ತಿಳಿಸಲಾಗಿದೆ.
ಕೃಷಿ ಇಲಾಖೆಯಿಂದ ಸಾವಯವ ಮತ್ತು ಜೈವಿಕ ಗೊಬ್ಬರಗಳ ಗುಣಮಟ್ಟ ನಿಯಂತ್ರಣ
ಬೆಂಗಳೂರು: ರೈತರಿಗೆ ಗುಣಮಟ್ಟದ ಸಾವಯವ ಮತ್ತು ಜೈವಿಕ ಗೊಬ್ಬರಗಳನ್ನು ಪೂರೈಸುವ ಉದ್ದೇಶದಿಂದ ಕೃಷಿ ಇಲಾಖೆಯು ಕಟ್ಟುನಿಟ್ಟಿನ ಕ್ರಮ ಕೈಗೊಂಡಿದೆ. ಅಗತ್ಯ ಪರಿಶೀಲನೆ ನಡೆಸಿ ಗುಣಮಟ್ಟ ಖಾತ್ರಿಪಡಿಸಲಾಗುತ್ತಿದೆ. ಗೊಬ್ಬರ ಉತ್ಪಾದನಾ ಘಟಕಗಳ ತಪಾಸಣೆ ನಡೆಸಲಾಗುತ್ತಿದೆ. ಅಗತ್ಯ ವಸ್ತುಗಳ ಕಾಯ್ದೆ / ಗೊಬ್ಬರ ನಿಯಂತ್ರಣ ಆದೇಶ 1985 ರ ಅಡಿ 29 ಲ್ಲಿ ನಿಯಮಗಳನ್ನು ಉಲ್ಲಂಘಿಸಿದವರ ವಿರುದ್ಧ ಕ್ರಮ ಕೈಗೊಳ್ಳಲಾಗುವುದು. ಸಾವಯವ ಗೊಬ್ಬರ ಮಾರಾಟ ಮಳಿಗೆಗಳ ಪರವಾನಗಿಯನ್ನು ಪರಿಶೀಲಿಸಲಾಗುವುದು. ಕಳಪೆ ಗುಣಮಟ್ಟದ ಗೊಬ್ಬರ ಮಾರಾಟ ಮಾಡುವವರ ವಿರುದ್ಧ ಪ್ರಕರಣ ದಾಖಲಿಸಲಾಗುವುದು. ರೈತರು ಗೊಬ್ಬರ ಖರೀದಿಸುವಾಗ ಬಿಲ್ ಪಡೆಯುವುದು ಕಡ್ಡಾಯ. 2024-25ರ ಅವಧಿಯಲ್ಲಿ 893 ಮಾದರಿಗಳನ್ನು ಸಂಗ್ರಹಿಸಿ ಪರೀಕ್ಷೆಗೆ ಒಳಪಡಿಸಲಾಗಿದೆ. 13 ಪ್ರಕರಣಗಳಲ್ಲಿ ಮಾರಾಟ ನಿಷೇಧ ಆದೇಶ ಹೊರಡಿಸಲಾಗಿದೆ ಎಂದು ತಿಳಿಸಲಾಗಿದೆ.
ಆದೇಶದ ಪ್ರಕಾರ ಕ್ರಮ ಕೈಗೊಳ್ಳಲಾಗಿದೆ. ಪ್ರತಿ ಗೊಬ್ಬರ ಮಾದರಿಯನ್ನು ಪ್ರಯೋಗಾಲಯದಲ್ಲಿ ವಿಶ್ಲೇಷಣೆ ಮಾಡಲಾಗುತ್ತಿದೆ. ವರದಿ ಆಧರಿಸಿ ಮುಂದಿನ ಕ್ರಮ ಜರುಗಿಸಲಾಗುವುದು. ರೈತರು ಪರವಾನಗಿ ಹೊಂದಿರುವ ಮಾರಾಟಗಾರರಿಂದ ಮಾತ್ರ ಗೊಬ್ಬರ ಖರೀದಿಸಬೇಕು. ಕಳಪೆ ಗುಣಮಟ್ಟದ ಗೊಬ್ಬರ ಬಳಕೆಯಿಂದ ಮಣ್ಣಿನ ಫಲವತ್ತತೆ ಕಡಿಮೆಯಾಗುತ್ತದೆ ಎಂದು ಎಚ್ಚರಿಸಲಾಗಿದೆ. ಸಾವಯವ ಕೃಷಿಗೆ ಉತ್ತೇಜನ ನೀಡಲು ಇಲಾಖೆ ವಿವಿಧ ಯೋಜನೆಗಳನ್ನು ಜಾರಿಗೊಳಿಸಿದೆ. ರೈತರಿಗೆ ತರಬೇತಿ ಮತ್ತು ಮಾಹಿತಿ ನೀಡಲಾಗುತ್ತಿದೆ. ಸಹಾಯಧನ ಸೌಲಭ್ಯವನ್ನೂ ಒದಗಿಸಲಾಗುತ್ತಿದೆ. ಹೆಚ್ಚಿನ ಮಾಹಿತಿಗೆ ಸಮೀಪದ ರೈತ ಸಂಪರ್ಕ ಕೇಂದ್ರವನ್ನು ಸಂಪರ್ಕಿಸಬಹುದು ಎಂದು ತಿಳಿಸಿದೆ.
ಗುಣಮಟ್ಟದ ಸಾವಯವ ಗೊಬ್ಬರ ಪೂರೈಕೆಗೆ ಇಲಾಖೆ ಬದ್ಧವಾಗಿದೆ. ನಿಯಮ ಉಲ್ಲಂಘಿಸಿದ ಸಂಸ್ಥೆಗಳ ವಿರುದ್ಧ ಕಾನೂನು ಕ್ರಮ ಕೈಗೊಳ್ಳಲಾಗಿದೆ. ಜೈವಿಕ ಗೊಬ್ಬರಗಳ ಉತ್ಪಾದನೆ ಮತ್ತು ಮಾರಾಟವನ್ನು ನಿಯಂತ್ರಿಸಲು ಕಟ್ಟುನಿಟ್ಟಿನ ಕ್ರಮ ಕೈಗೊಳ್ಳಲಾಗಿದೆ. 1985 ರ ಅಡಿಯಲ್ಲಿ ಅಧಿಕಾರಿಗಳಿಗೆ ತಪಾಸಣೆ ನಡೆಸುವ ಅಧಿಕಾರ ನೀಡಲಾಗಿದೆ. ದೂರು ಬಂದ ಕೂಡಲೇ ಸ್ಥಳ ಪರಿಶೀಲನೆ ನಡೆಸಲಾಗುವುದು. ರೈತರು ಯಾವುದೇ ಸಂಶಯವಿದ್ದರೆ ಇಲಾಖೆಯ ಸಹಾಯವಾಣಿಗೆ ಕರೆ ಮಾಡಬಹುದು. ಕೃಷಿ ಇಲಾಖೆಯ ಅಧಿಕಾರಿಗಳು ಜಿಲ್ಲಾ ಮಟ್ಟದಲ್ಲಿ ಸಭೆ ನಡೆಸಿ ಪರಿಶೀಲನೆ ನಡೆಸುತ್ತಿದ್ದಾರೆ. ಎಲ್ಲ ತಾಲ್ಲೂಕುಗಳಲ್ಲೂ ಈ ಕಾರ್ಯ ನಡೆಯುತ್ತಿದೆ ಎಂದು ತಿಳಿಸಿದ್ದಾರೆ.
ಬೆಂಗಳೂರು: ರೈತರಿಗೆ ಗುಣಮಟ್ಟದ ಸಾವಯವ ಮತ್ತು ಜೈವಿಕ ಗೊಬ್ಬರಗಳನ್ನು ಪೂರೈಸುವ ಉದ್ದೇಶದಿಂದ ಕೃಷಿ ಇಲಾಖೆಯು ಕಟ್ಟುನಿಟ್ಟಿನ ಕ್ರಮ ಕೈಗೊಂಡಿದೆ. ಅಗತ್ಯ ಪರಿಶೀಲನೆ ನಡೆಸಿ ಗುಣಮಟ್ಟ ಖಾತ್ರಿಪಡಿಸಲಾಗುತ್ತಿದೆ. ಗೊಬ್ಬರ ಉತ್ಪಾದನಾ ಘಟಕಗಳ ತಪಾಸಣೆ ನಡೆಸಲಾಗುತ್ತಿದೆ. ಅಗತ್ಯ ವಸ್ತುಗಳ ಕಾಯ್ದೆ / ಗೊಬ್ಬರ ನಿಯಂತ್ರಣ ಆದೇಶ 1985 ರ ಅಡಿ 29 ಲ್ಲಿ ನಿಯಮಗಳನ್ನು ಉಲ್ಲಂಘಿಸಿದವರ ವಿರುದ್ಧ ಕ್ರಮ ಕೈಗೊಳ್ಳಲಾಗುವುದು. ಸಾವಯವ ಗೊಬ್ಬರ ಮಾರಾಟ ಮಳಿಗೆಗಳ ಪರವಾನಗಿಯನ್ನು ಪರಿಶೀಲಿಸಲಾಗುವುದು. ಕಳಪೆ ಗುಣಮಟ್ಟದ ಗೊಬ್ಬರ ಮಾರಾಟ ಮಾಡುವವರ ವಿರುದ್ಧ ಪ್ರಕರಣ ದಾಖಲಿಸಲಾಗುವುದು. ರೈತರು ಗೊಬ್ಬರ ಖರೀದಿಸುವಾಗ ಬಿಲ್ ಪಡೆಯುವುದು ಕಡ್ಡಾಯ. 2024-25ರ ಅವಧಿಯಲ್ಲಿ 893 ಮಾದರಿಗಳನ್ನು ಸಂಗ್ರಹಿಸಿ ಪರೀಕ್ಷೆಗೆ ಒಳಪಡಿಸಲಾಗಿದೆ. 13 ಪ್ರಕರಣಗಳಲ್ಲಿ ಮಾರಾಟ ನಿಷೇಧ ಆದೇಶ ಹೊರಡಿಸಲಾಗಿದೆ ಎಂದು ತಿಳಿಸಲಾಗಿದೆ.
ಯೋಗ ಎಲ್ಲರ ಬದುಕಿನ ಆರೋಗ್ಯಕ್ಕೆ ಮದ್ದು
ಚಿಕ್ಕಮಗಳೂರು: ಮನುಷ್ಯನ ದೇಹ ಮತ್ತು ಮನಸ್ಸಿನ ಆರೋಗ್ಯಕ್ಕೆ ಯೋಗವೇ ಅತ್ಯುತ್ತಮ ಮದ್ದಾಗಿದ್ದು, ಪ್ರತಿಯೊಬ್ಬರೂ ದಿನನಿತ್ಯ ಯೋಗಾಭ್ಯಾಸ ಮಾಡಬೇಕು ಎಂದು ಹೇಳಿದರು. ನಗರದಲ್ಲಿ ಹಮ್ಮಿಕೊಂಡಿದ್ದ ಅಂತರರಾಷ್ಟ್ರೀಯ ಯೋಗ ದಿನಾಚರಣೆ ಕಾರ್ಯಕ್ರಮವನ್ನು ಉದ್ಘಾಟಿಸಿ ಮಾತನಾಡಿದರು. ಯೋಗ ಭಾರತೀಯ ಸಂಸ್ಕೃತಿಯ ಅವಿಭಾಜ್ಯ ಅಂಗ. ಇಂದು ವಿಶ್ವದಾದ್ಯಂತ ಯೋಗಕ್ಕೆ ಮನ್ನಣೆ ದೊರೆತಿದೆ. ಪ್ರಧಾನಮಂತ್ರಿಯವರ ಪ್ರಯತ್ನದಿಂದ ವಿಶ್ವಸಂಸ್ಥೆ ಯೋಗ ದಿನವನ್ನು ಘೋಷಿಸಿದೆ ಎಂದು ತಿಳಿಸಿದರು. ಆಧುನಿಕ ಜೀವನಶೈಲಿಯಿಂದ ಅನೇಕ ಕಾಯಿಲೆಗಳು ಬರುತ್ತಿವೆ. ಒತ್ತಡದ ಬದುಕಿನಿಂದ ಮಾನಸಿಕ ಆರೋಗ್ಯ ಹದಗೆಡುತ್ತಿದೆ. ಇದಕ್ಕೆ ಯೋಗವೇ ಪರಿಹಾರ ಎಂದರು.
ಶಾಲಾ ಕಾಲೇಜುಗಳಲ್ಲಿ ಯೋಗ ಶಿಕ್ಷಣವನ್ನು ಕಡ್ಡಾಯಗೊಳಿಸಬೇಕು. ಮಕ್ಕಳಲ್ಲಿ ಚಿಕ್ಕ ವಯಸ್ಸಿನಿಂದಲೇ ಯೋಗಾಭ್ಯಾಸದ ಹವ್ಯಾಸ ಬೆಳೆಸಬೇಕು ಎಂದು ಸಲಹೆ ನೀಡಿದರು. ಕಾರ್ಯಕ್ರಮದಲ್ಲಿ ಸಾವಿರಾರು ಮಂದಿ ಸಾಮೂಹಿಕ ಯೋಗ ಪ್ರದರ್ಶನದಲ್ಲಿ ಭಾಗವಹಿಸಿದರು. ಯೋಗ ಪಟುಗಳು ವಿವಿಧ ಆಸನಗಳನ್ನು ಪ್ರದರ್ಶಿಸಿದರು. ಪ್ರಾಣಾಯಾಮ ಮತ್ತು ಧ್ಯಾನದ ಪ್ರಾಮುಖ್ಯತೆ ಕುರಿತು ತಜ್ಞರು ಮಾಹಿತಿ ನೀಡಿದರು. ಜಿಲ್ಲಾಡಳಿತ, ಆಯುಷ್ ಇಲಾಖೆ ಹಾಗೂ ವಿವಿಧ ಸಂಘ ಸಂಸ್ಥೆಗಳ ಸಹಯೋಗದಲ್ಲಿ ಕಾರ್ಯಕ್ರಮ ಆಯೋಜಿಸಲಾಗಿತ್ತು.
ಯೋಗದಿಂದ ರೋಗ ನಿರೋಧಕ ಶಕ್ತಿ ಹೆಚ್ಚುತ್ತದೆ. ದೇಹ ಸದೃಢವಾಗುತ್ತದೆ. ಮನಸ್ಸು ಪ್ರಶಾಂತವಾಗಿರುತ್ತದೆ ಎಂದು ತಜ್ಞ ವೈದ್ಯರು ವಿವರಿಸಿದರು. ಕಾರ್ಯಕ್ರಮದಲ್ಲಿ ಜನಪ್ರತಿನಿಧಿಗಳು, ಅಧಿಕಾರಿಗಳು, ವಿದ್ಯಾರ್ಥಿಗಳು, ಯೋಗ ಶಿಕ್ಷಕರು ಹಾಗೂ ಸಾರ್ವಜನಿಕರು ಹೆಚ್ಚಿನ ಸಂಖ್ಯೆಯಲ್ಲಿ ಭಾಗವಹಿಸಿದ್ದರು. ನಂತರ ಯೋಗ ಸ್ಪರ್ಧೆಗಳನ್ನು ಏರ್ಪಡಿಸಲಾಗಿತ್ತು. ವಿಜೇತರಿಗೆ ಬಹುಮಾನ ವಿತರಿಸಲಾಯಿತು. ಪ್ರತಿದಿನ ಕನಿಷ್ಠ 30 ನಿಮಿಷ ಯೋಗಾಭ್ಯಾಸ ಮಾಡಿದರೆ ಉತ್ತಮ ಆರೋಗ್ಯ ಕಾಪಾಡಿಕೊಳ್ಳಬಹುದು ಎಂದು ತಿಳಿಸಿದರು. ಕಾರ್ಯಕ್ರಮದ ಕೊನೆಯಲ್ಲಿ ಎಲ್ಲರಿಗೂ ಸಿಹಿ ವಿತರಿಸಲಾಯಿತು.
